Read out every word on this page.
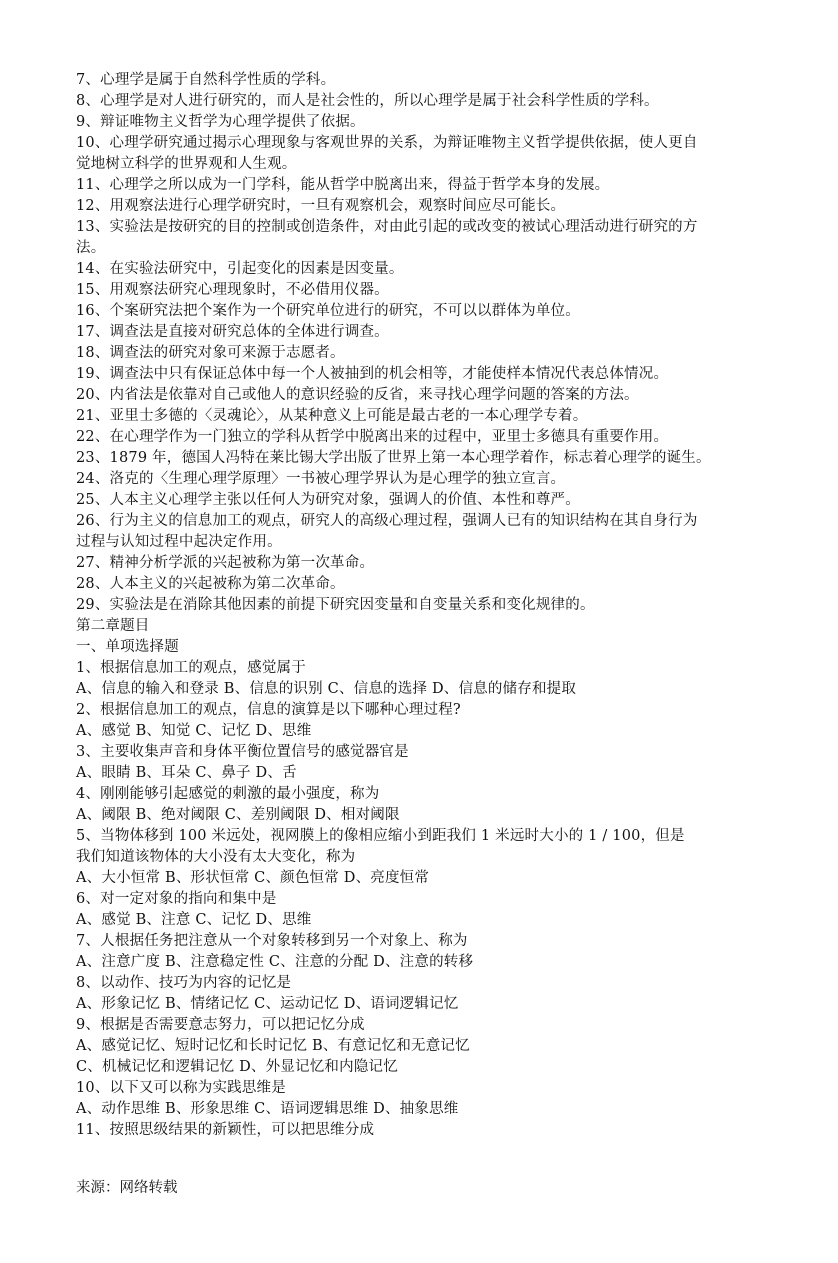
7、心理学是属于自然科学性质的学科。
8、心理学是对人进行研究的，而人是社会性的，所以心理学是属于社会科学性质的学科。
9、辩证唯物主义哲学为心理学提供了依据。
10、心理学研究通过揭示心理现象与客观世界的关系，为辩证唯物主义哲学提供依据，使人更自
觉地树立科学的世界观和人生观。
11、心理学之所以成为一门学科，能从哲学中脱离出来，得益于哲学本身的发展。
12、用观察法进行心理学研究时，一旦有观察机会，观察时间应尽可能长。
13、实验法是按研究的目的控制或创造条件，对由此引起的或改变的被试心理活动进行研究的方
法。
14、在实验法研究中，引起变化的因素是因变量。
15、用观察法研究心理现象时，不必借用仪器。
16、个案研究法把个案作为一个研究单位进行的研究，不可以以群体为单位。
17、调查法是直接对研究总体的全体进行调查。
18、调查法的研究对象可来源于志愿者。
19、调查法中只有保证总体中每一个人被抽到的机会相等，才能使样本情况代表总体情况。
20、内省法是依靠对自己或他人的意识经验的反省，来寻找心理学问题的答案的方法。
21、亚里士多德的〈灵魂论〉，从某种意义上可能是最古老的一本心理学专着。
22、在心理学作为一门独立的学科从哲学中脱离出来的过程中，亚里士多德具有重要作用。
23、1879 年，德国人冯特在莱比锡大学出版了世界上第一本心理学着作，标志着心理学的诞生。
24、洛克的〈生理心理学原理〉一书被心理学界认为是心理学的独立宣言。
25、人本主义心理学主张以任何人为研究对象，强调人的价值、本性和尊严。
26、行为主义的信息加工的观点，研究人的高级心理过程，强调人已有的知识结构在其自身行为
过程与认知过程中起决定作用。
27、精神分析学派的兴起被称为第一次革命。
28、人本主义的兴起被称为第二次革命。
29、实验法是在消除其他因素的前提下研究因变量和自变量关系和变化规律的。
第二章题目
一、单项选择题
1、根据信息加工的观点，感觉属于
A、信息的输入和登录 B、信息的识别 C、信息的选择 D、信息的储存和提取
2、根据信息加工的观点，信息的演算是以下哪种心理过程?
A、感觉 B、知觉 C、记忆 D、思维
3、主要收集声音和身体平衡位置信号的感觉器官是
A、眼睛 B、耳朵 C、鼻子 D、舌
4、刚刚能够引起感觉的刺激的最小强度，称为
A、阈限 B、绝对阈限 C、差别阈限 D、相对阈限
5、当物体移到 100 米远处，视网膜上的像相应缩小到距我们 1 米远时大小的 1 / 100，但是
我们知道该物体的大小没有太大变化，称为
A、大小恒常 B、形状恒常 C、颜色恒常 D、亮度恒常
6、对一定对象的指向和集中是
A、感觉 B、注意 C、记忆 D、思维
7、人根据任务把注意从一个对象转移到另一个对象上、称为
A、注意广度 B、注意稳定性 C、注意的分配 D、注意的转移
8、以动作、技巧为内容的记忆是
A、形象记忆 B、情绪记忆 C、运动记忆 D、语词逻辑记忆
9、根据是否需要意志努力，可以把记忆分成
A、感觉记忆、短时记忆和长时记忆 B、有意记忆和无意记忆
C、机械记忆和逻辑记忆 D、外显记忆和内隐记忆
10、以下又可以称为实践思维是
A、动作思维 B、形象思维 C、语词逻辑思维 D、抽象思维
11、按照思级结果的新颖性，可以把思维分成
来源：网络转载
